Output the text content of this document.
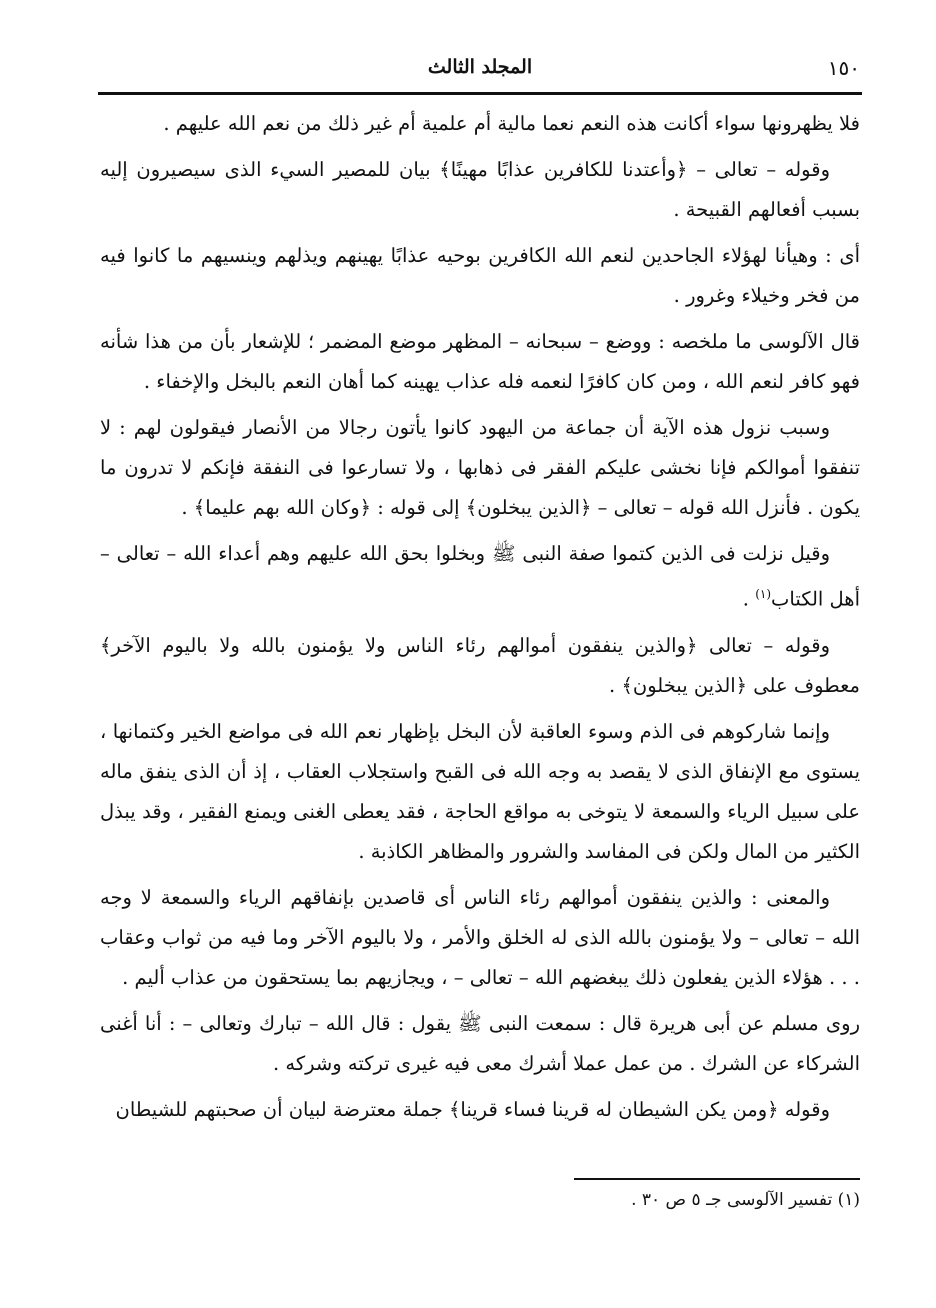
١٥٠
المجلد الثالث

فلا يظهرونها سواء أكانت هذه النعم نعما مالية أم علمية أم غير ذلك من نعم الله عليهم .

وقوله – تعالى – ﴿وأعتدنا للكافرين عذابًا مهينًا﴾ بيان للمصير السيء الذى سيصيرون إليه بسبب أفعالهم القبيحة .

أى : وهيأنا لهؤلاء الجاحدين لنعم الله الكافرين بوحيه عذابًا يهينهم ويذلهم وينسيهم ما كانوا فيه من فخر وخيلاء وغرور .

قال الآلوسى ما ملخصه : ووضع – سبحانه – المظهر موضع المضمر ؛ للإشعار بأن من هذا شأنه فهو كافر لنعم الله ، ومن كان كافرًا لنعمه فله عذاب يهينه كما أهان النعم بالبخل والإخفاء .

وسبب نزول هذه الآية أن جماعة من اليهود كانوا يأتون رجالا من الأنصار فيقولون لهم : لا تنفقوا أموالكم فإنا نخشى عليكم الفقر فى ذهابها ، ولا تسارعوا فى النفقة فإنكم لا تدرون ما يكون . فأنزل الله قوله – تعالى – ﴿الذين يبخلون﴾ إلى قوله : ﴿وكان الله بهم عليما﴾ .

وقيل نزلت فى الذين كتموا صفة النبى ﷺ وبخلوا بحق الله عليهم وهم أعداء الله – تعالى – أهل الكتاب$^{(١)}$ .

وقوله – تعالى ﴿والذين ينفقون أموالهم رئاء الناس ولا يؤمنون بالله ولا باليوم الآخر﴾ معطوف على ﴿الذين يبخلون﴾ .

وإنما شاركوهم فى الذم وسوء العاقبة لأن البخل بإظهار نعم الله فى مواضع الخير وكتمانها ، يستوى مع الإنفاق الذى لا يقصد به وجه الله فى القبح واستجلاب العقاب ، إذ أن الذى ينفق ماله على سبيل الرياء والسمعة لا يتوخى به مواقع الحاجة ، فقد يعطى الغنى ويمنع الفقير ، وقد يبذل الكثير من المال ولكن فى المفاسد والشرور والمظاهر الكاذبة .

والمعنى : والذين ينفقون أموالهم رئاء الناس أى قاصدين بإنفاقهم الرياء والسمعة لا وجه الله – تعالى – ولا يؤمنون بالله الذى له الخلق والأمر ، ولا باليوم الآخر وما فيه من ثواب وعقاب . . . هؤلاء الذين يفعلون ذلك يبغضهم الله – تعالى – ، ويجازيهم بما يستحقون من عذاب أليم .

روى مسلم عن أبى هريرة قال : سمعت النبى ﷺ يقول : قال الله – تبارك وتعالى – : أنا أغنى الشركاء عن الشرك . من عمل عملا أشرك معى فيه غيرى تركته وشركه .

وقوله ﴿ومن يكن الشيطان له قرينا فساء قرينا﴾ جملة معترضة لبيان أن صحبتهم للشيطان

(١) تفسير الآلوسى جـ ٥ ص ٣٠ .
